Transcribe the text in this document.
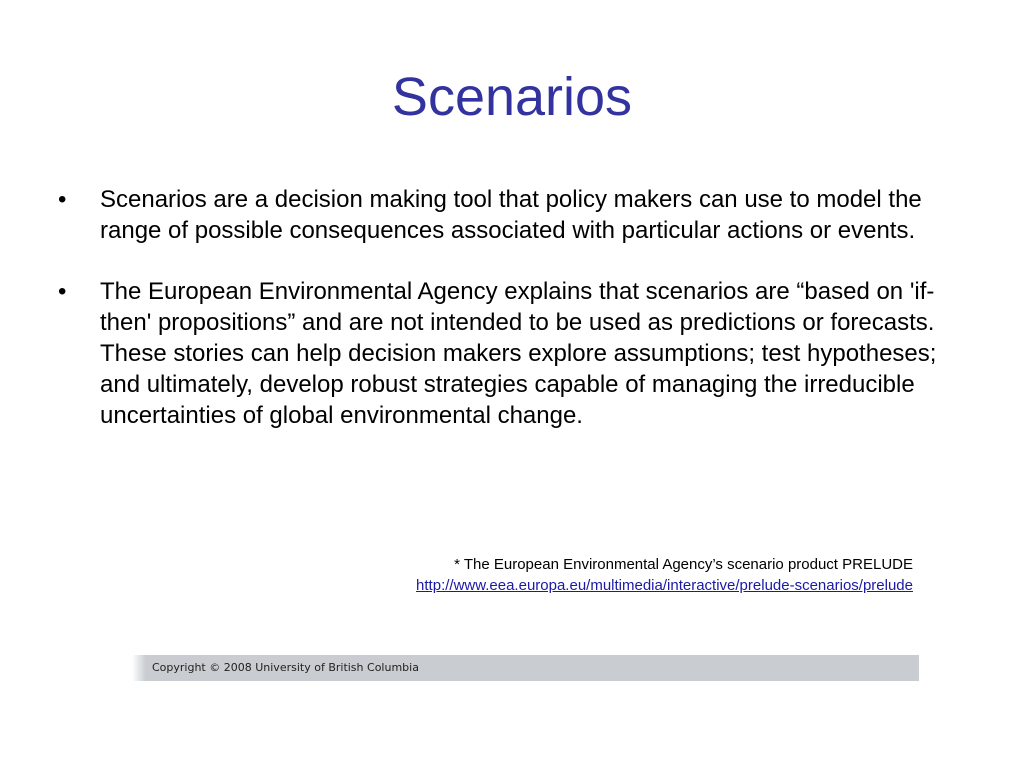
Scenarios
•	Scenarios are a decision making tool that policy makers can use to model the range of possible consequences associated with particular actions or events.
•	The European Environmental Agency explains that scenarios are “based on 'if-then' propositions” and are not intended to be used as predictions or forecasts. These stories can help decision makers explore assumptions; test hypotheses; and ultimately, develop robust strategies capable of managing the irreducible uncertainties of global environmental change.
* The European Environmental Agency’s scenario product PRELUDE
http://www.eea.europa.eu/multimedia/interactive/prelude-scenarios/prelude
Copyright © 2008 University of British Columbia
